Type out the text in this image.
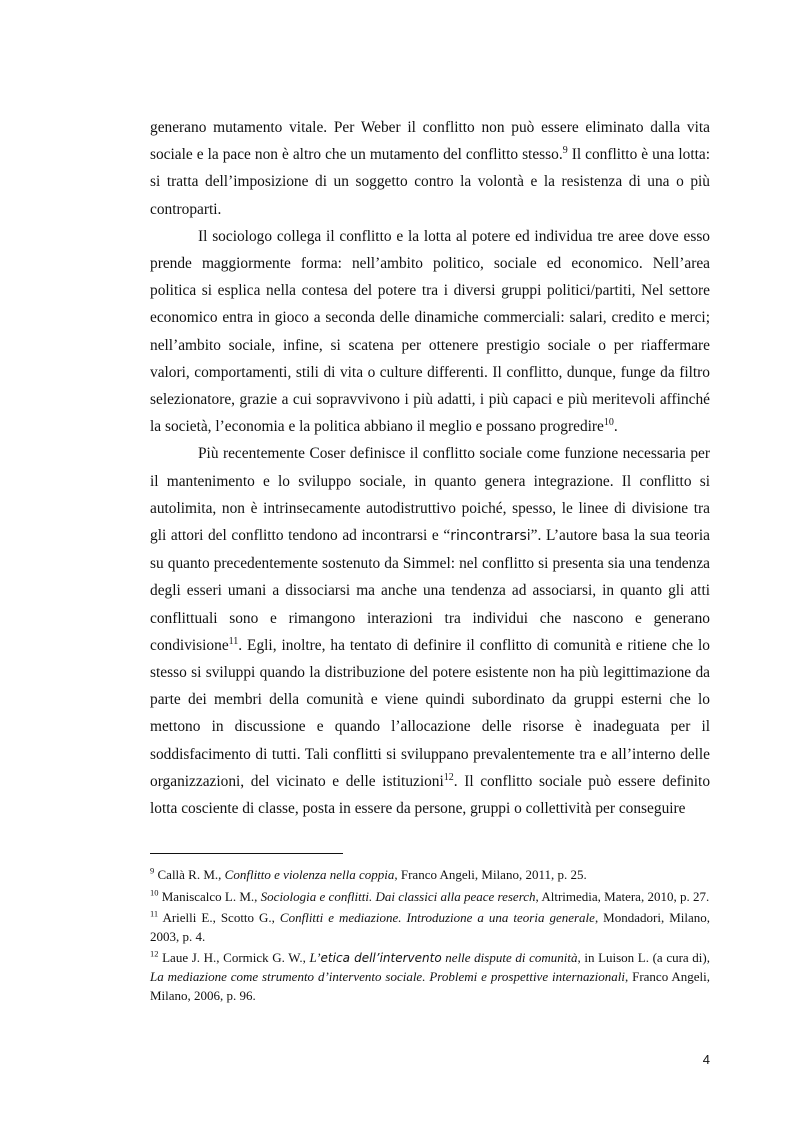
generano mutamento vitale. Per Weber il conflitto non può essere eliminato dalla vita sociale e la pace non è altro che un mutamento del conflitto stesso.$^9$ Il conflitto è una lotta: si tratta dell’imposizione di un soggetto contro la volontà e la resistenza di una o più controparti.

Il sociologo collega il conflitto e la lotta al potere ed individua tre aree dove esso prende maggiormente forma: nell’ambito politico, sociale ed economico. Nell’area politica si esplica nella contesa del potere tra i diversi gruppi politici/partiti, Nel settore economico entra in gioco a seconda delle dinamiche commerciali: salari, credito e merci; nell’ambito sociale, infine, si scatena per ottenere prestigio sociale o per riaffermare valori, comportamenti, stili di vita o culture differenti. Il conflitto, dunque, funge da filtro selezionatore, grazie a cui sopravvivono i più adatti, i più capaci e più meritevoli affinché la società, l’economia e la politica abbiano il meglio e possano progredire$^{10}$.

Più recentemente Coser definisce il conflitto sociale come funzione necessaria per il mantenimento e lo sviluppo sociale, in quanto genera integrazione. Il conflitto si autolimita, non è intrinsecamente autodistruttivo poiché, spesso, le linee di divisione tra gli attori del conflitto tendono ad incontrarsi e “rincontrarsi”. L’autore basa la sua teoria su quanto precedentemente sostenuto da Simmel: nel conflitto si presenta sia una tendenza degli esseri umani a dissociarsi ma anche una tendenza ad associarsi, in quanto gli atti conflittuali sono e rimangono interazioni tra individui che nascono e generano condivisione$^{11}$. Egli, inoltre, ha tentato di definire il conflitto di comunità e ritiene che lo stesso si sviluppi quando la distribuzione del potere esistente non ha più legittimazione da parte dei membri della comunità e viene quindi subordinato da gruppi esterni che lo mettono in discussione e quando l’allocazione delle risorse è inadeguata per il soddisfacimento di tutti. Tali conflitti si sviluppano prevalentemente tra e all’interno delle organizzazioni, del vicinato e delle istituzioni$^{12}$. Il conflitto sociale può essere definito lotta cosciente di classe, posta in essere da persone, gruppi o collettività per conseguire

$^9$ Callà R. M., Conflitto e violenza nella coppia, Franco Angeli, Milano, 2011, p. 25.

$^{10}$ Maniscalco L. M., Sociologia e conflitti. Dai classici alla peace reserch, Altrimedia, Matera, 2010, p. 27.

$^{11}$ Arielli E., Scotto G., Conflitti e mediazione. Introduzione a una teoria generale, Mondadori, Milano, 2003, p. 4.

$^{12}$ Laue J. H., Cormick G. W., L’etica dell’intervento nelle dispute di comunità, in Luison L. (a cura di), La mediazione come strumento d’intervento sociale. Problemi e prospettive internazionali, Franco Angeli, Milano, 2006, p. 96.

4
